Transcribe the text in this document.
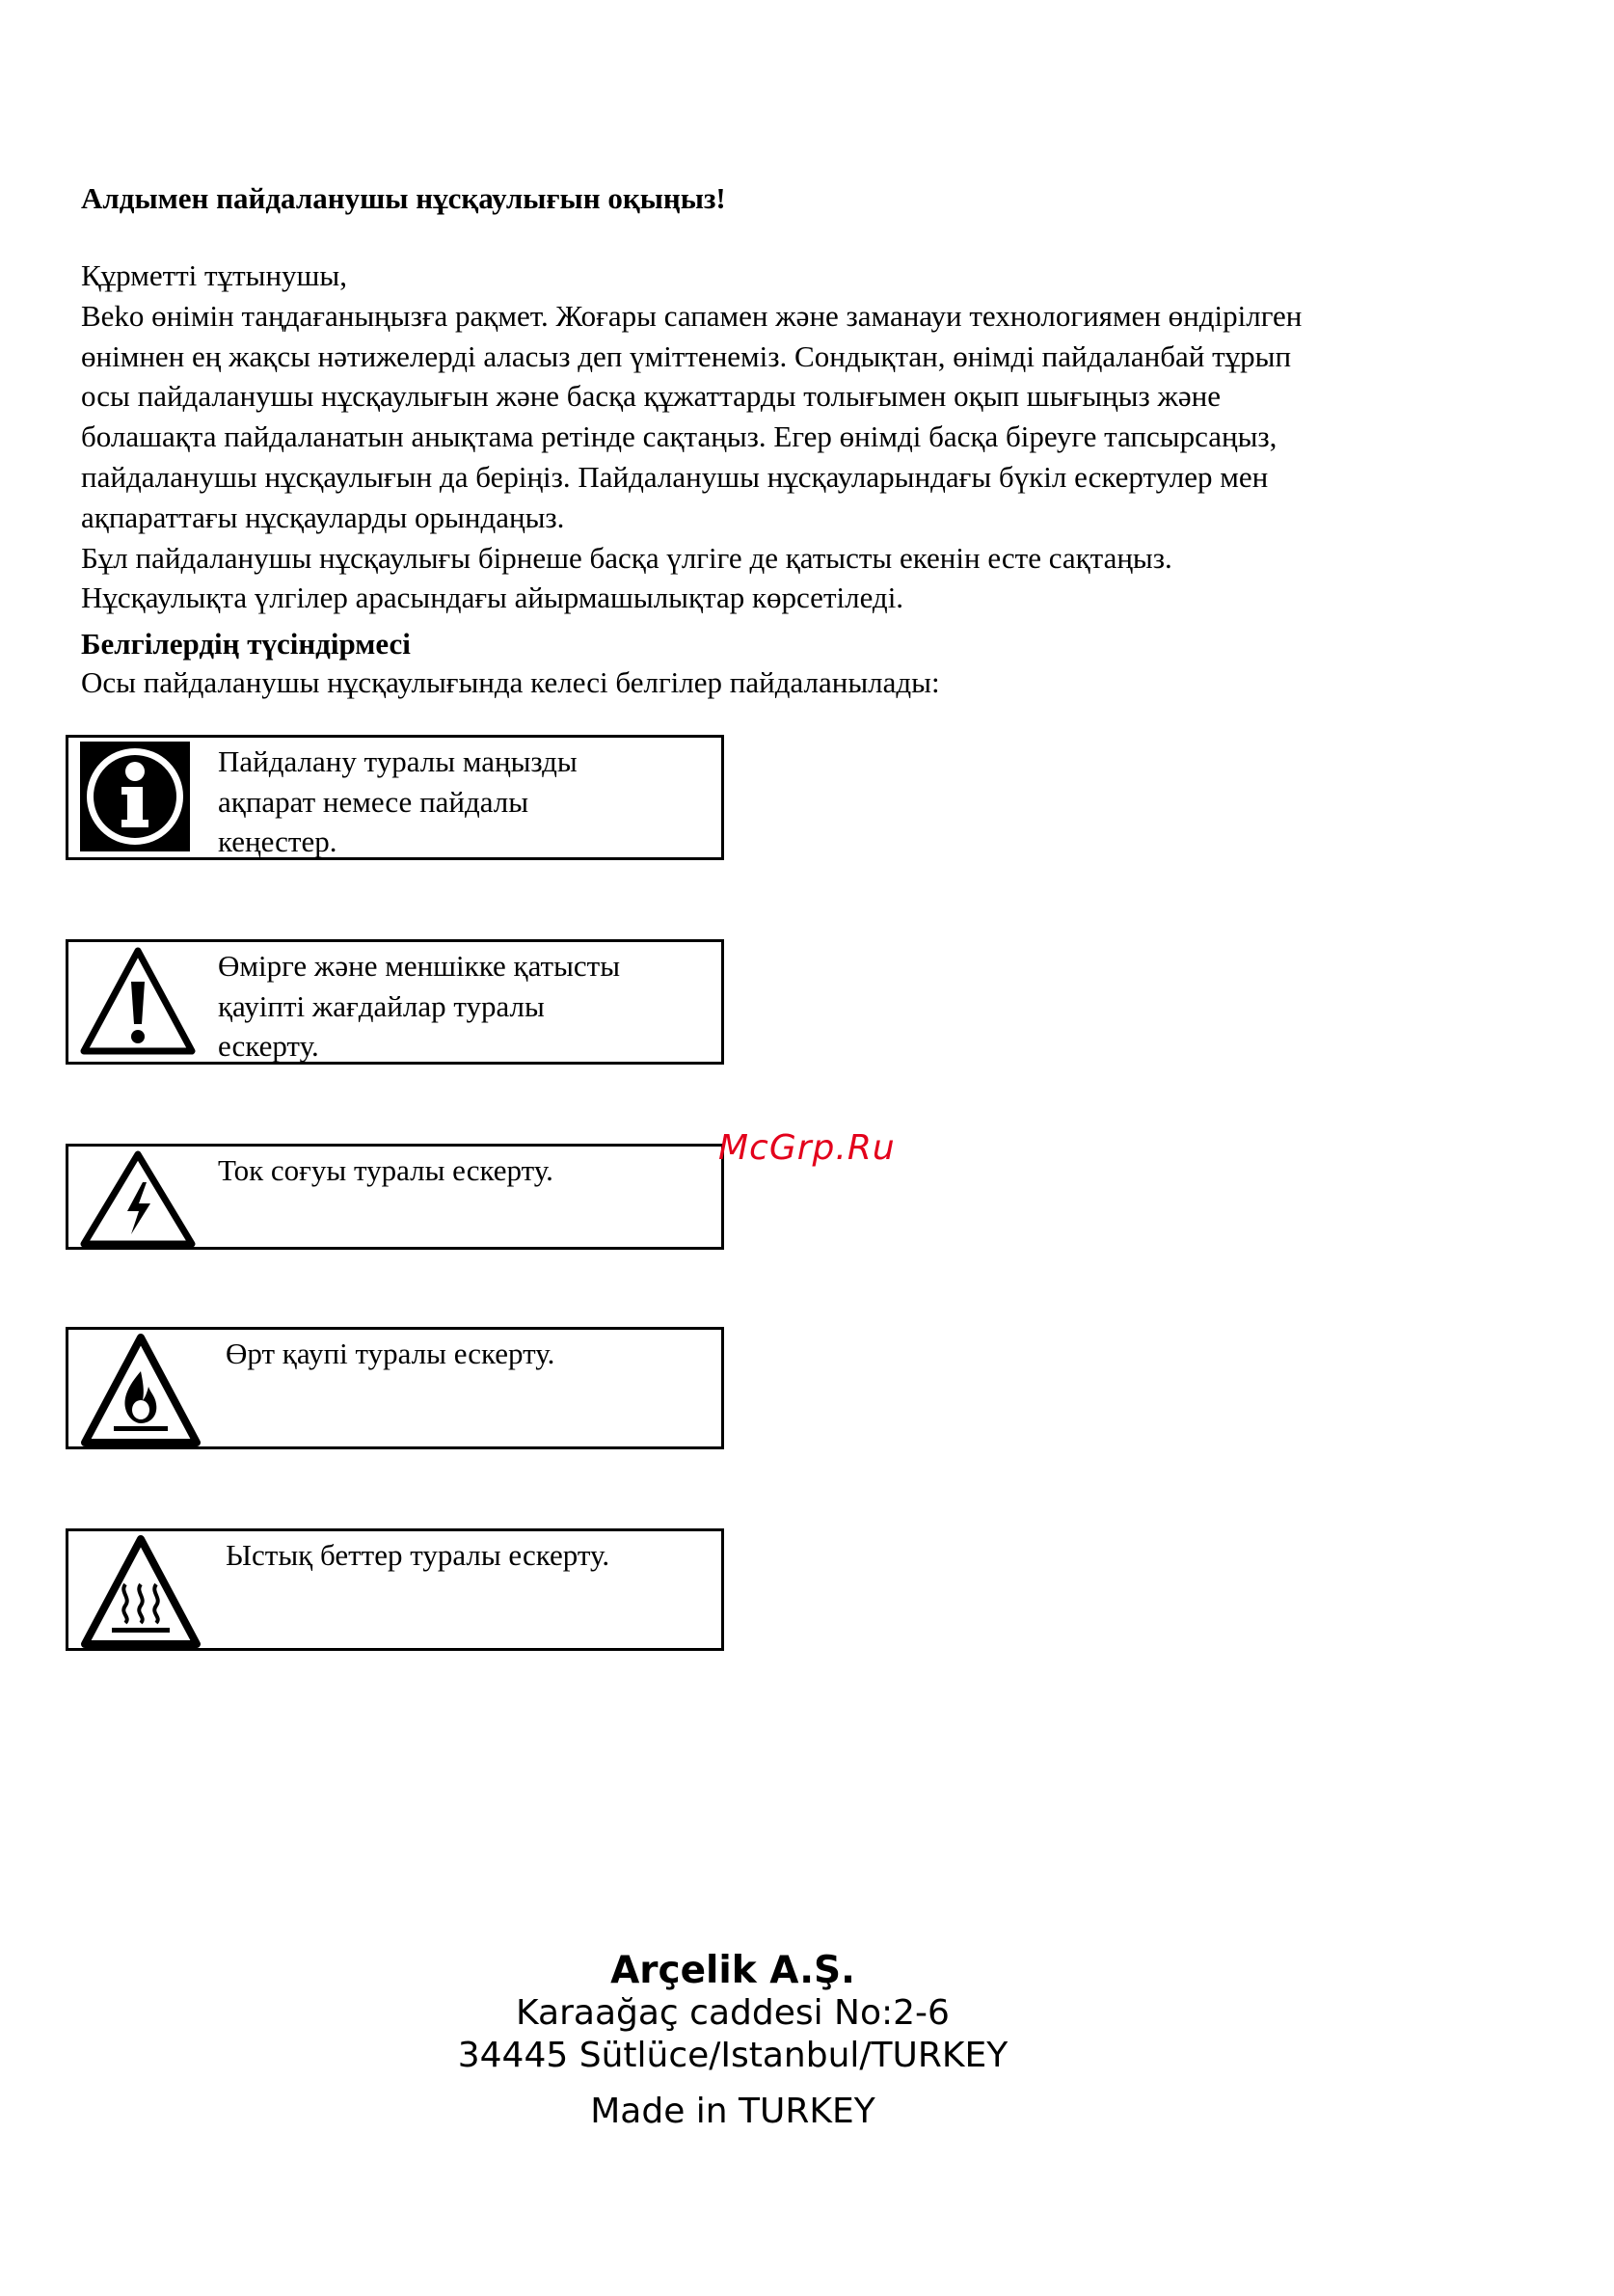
Алдымен пайдаланушы нұсқаулығын оқыңыз!

Құрметті тұтынушы,

Beko өнімін таңдағаныңызға рақмет. Жоғары сапамен және заманауи технологиямен өндірілген

өнімнен ең жақсы нәтижелерді аласыз деп үміттенеміз. Сондықтан, өнімді пайдаланбай тұрып

осы пайдаланушы нұсқаулығын және басқа құжаттарды толығымен оқып шығыңыз және

болашақта пайдаланатын анықтама ретінде сақтаңыз. Егер өнімді басқа біреуге тапсырсаңыз,

пайдаланушы нұсқаулығын да беріңіз. Пайдаланушы нұсқауларындағы бүкіл ескертулер мен

ақпараттағы нұсқауларды орындаңыз.

Бұл пайдаланушы нұсқаулығы бірнеше басқа үлгіге де қатысты екенін есте сақтаңыз.

Нұсқаулықта үлгілер арасындағы айырмашылықтар көрсетіледі.

Белгілердің түсіндірмесі
Осы пайдаланушы нұсқаулығында келесі белгілер пайдаланылады:
Пайдалану туралы маңызды
ақпарат немесе пайдалы
кеңестер.
Өмірге және меншікке қатысты
қауіпті жағдайлар туралы
ескерту.
Ток соғуы туралы ескерту.
Өрт қаупі туралы ескерту.
Ыстық беттер туралы ескерту.
McGrp.Ru
Arçelik A.Ş.
Karaağaç caddesi No:2-6
34445 Sütlüce/Istanbul/TURKEY
Made in TURKEY
